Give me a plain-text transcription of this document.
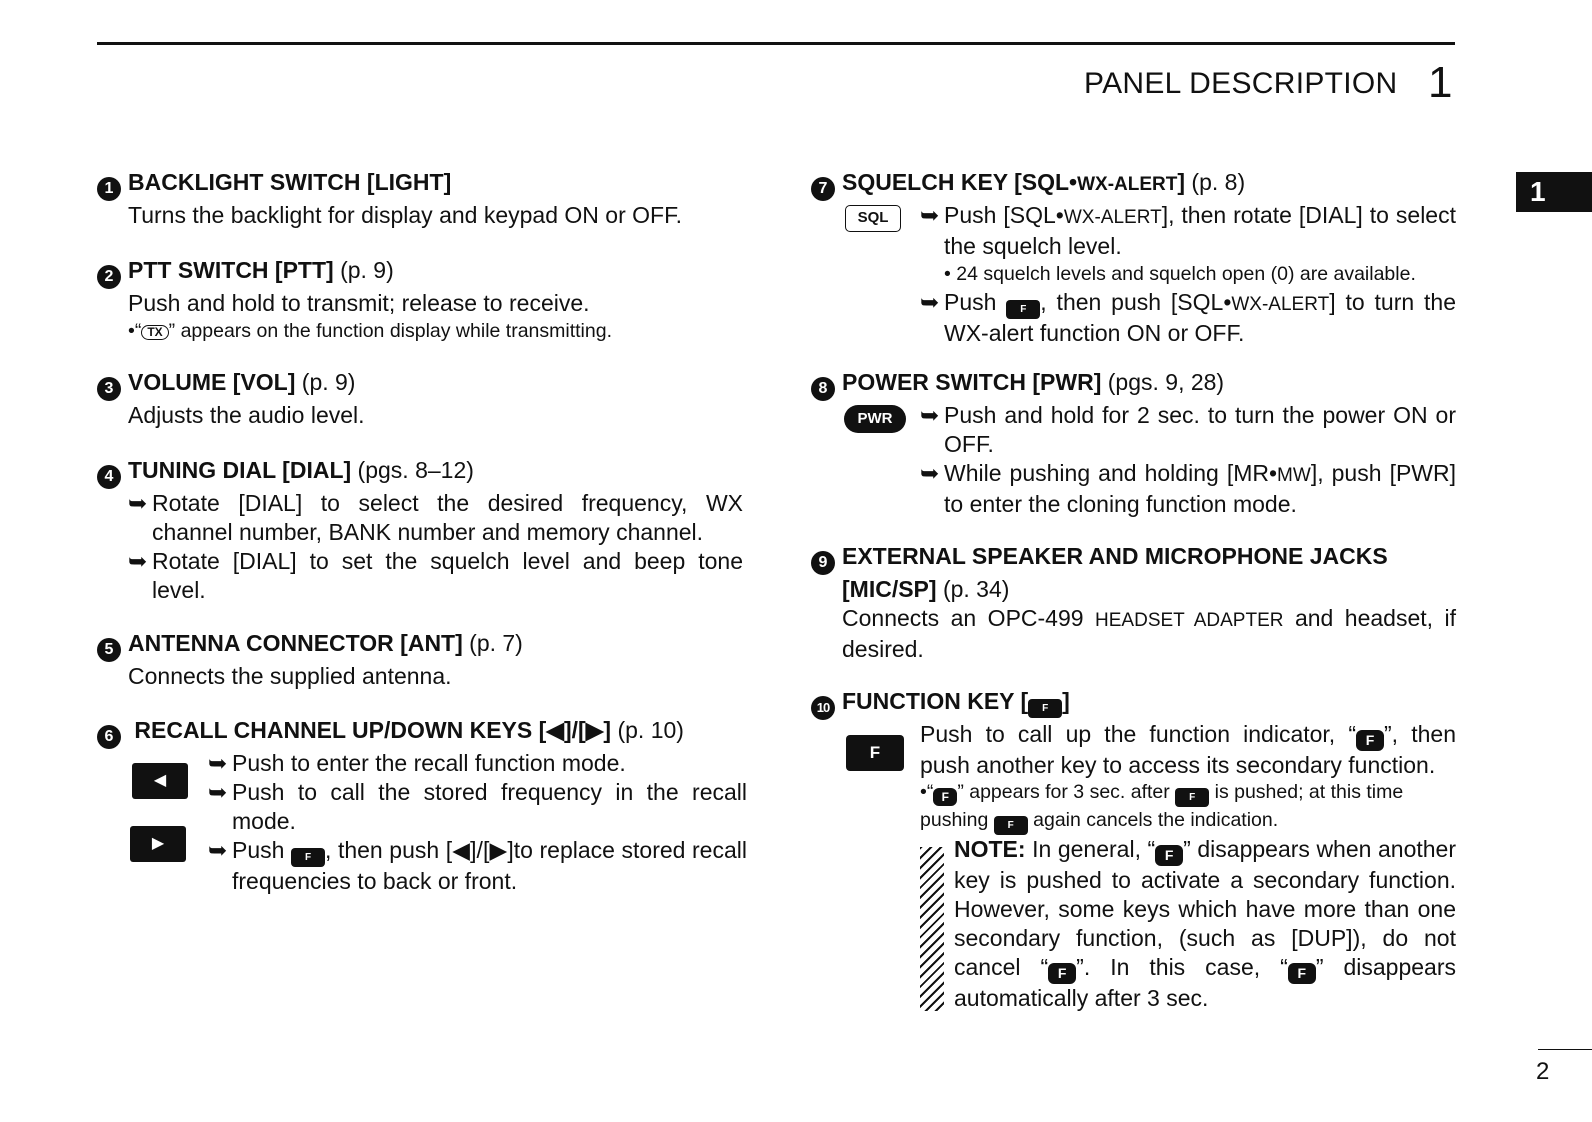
PANEL DESCRIPTION 1
1
1 BACKLIGHT SWITCH [LIGHT]
Turns the backlight for display and keypad ON or OFF.
2 PTT SWITCH [PTT] (p. 9)
Push and hold to transmit; release to receive.
•“ TX ” appears on the function display while transmitting.
3 VOLUME [VOL] (p. 9)
Adjusts the audio level.
4 TUNING DIAL [DIAL] (pgs. 8–12)
➥ Rotate [DIAL] to select the desired frequency, WX channel number, BANK number and memory channel.
➥ Rotate [DIAL] to set the squelch level and beep tone level.
5 ANTENNA CONNECTOR [ANT] (p. 7)
Connects the supplied antenna.
6 RECALL CHANNEL UP/DOWN KEYS [◀]/[▶] (p. 10)
➥ Push to enter the recall function mode.
➥ Push to call the stored frequency in the recall mode.
➥ Push F , then push [◀]/[▶]to replace stored recall frequencies to back or front.
◀
▶
7 SQUELCH KEY [SQL•WX-ALERT] (p. 8)
➥ Push [SQL•WX-ALERT], then rotate [DIAL] to select the squelch level.
• 24 squelch levels and squelch open (0) are available.
➥ Push F , then push [SQL•WX-ALERT] to turn the WX-alert function ON or OFF.
SQL
8 POWER SWITCH [PWR] (pgs. 9, 28)
➥ Push and hold for 2 sec. to turn the power ON or OFF.
➥ While pushing and holding [MR•MW], push [PWR] to enter the cloning function mode.
PWR
9 EXTERNAL SPEAKER AND MICROPHONE JACKS
[MIC/SP] (p. 34)
Connects an OPC-499 HEADSET ADAPTER and headset, if desired.
10 FUNCTION KEY [ F ]
Push to call up the function indicator, “ F ”, then push another key to access its secondary function.
•“ F ” appears for 3 sec. after F is pushed; at this time pushing F again cancels the indication.
NOTE: In general, “ F ” disappears when another key is pushed to activate a secondary function. However, some keys which have more than one secondary function, (such as [DUP]), do not cancel “ F ”. In this case, “ F ” disappears automatically after 3 sec.
F
2
